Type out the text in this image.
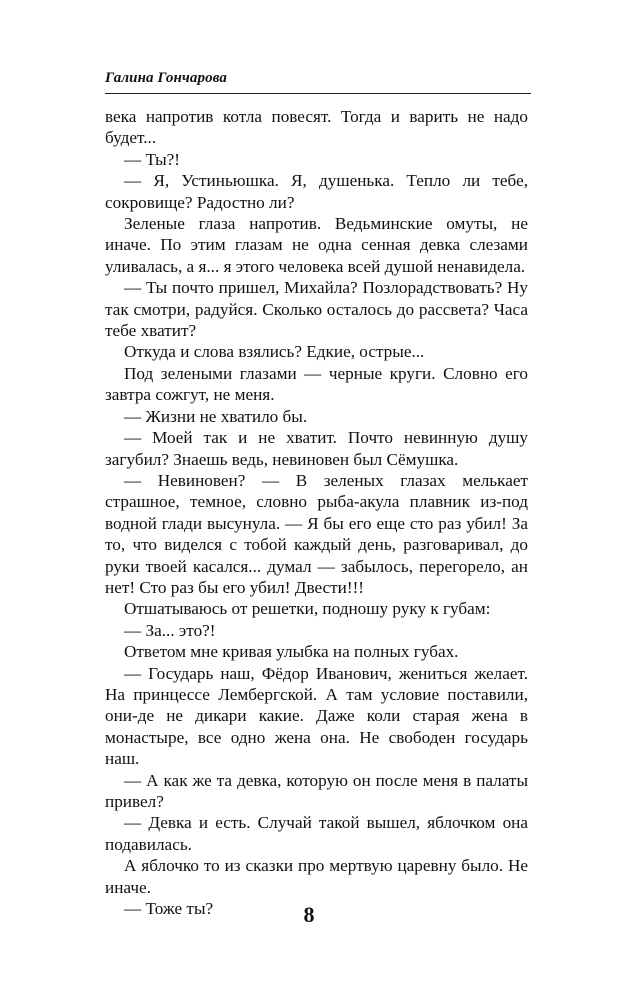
Галина Гончарова

века напротив котла повесят. Тогда и варить не надо будет...

— Ты?!

— Я, Устиньюшка. Я, душенька. Тепло ли тебе, сокровище? Радостно ли?

Зеленые глаза напротив. Ведьминские омуты, не иначе. По этим глазам не одна сенная девка слезами уливалась, а я... я этого человека всей душой ненавидела.

— Ты почто пришел, Михайла? Позлорадствовать? Ну так смотри, радуйся. Сколько осталось до рассвета? Часа тебе хватит?

Откуда и слова взялись? Едкие, острые...

Под зелеными глазами — черные круги. Словно его завтра сожгут, не меня.

— Жизни не хватило бы.

— Моей так и не хватит. Почто невинную душу загубил? Знаешь ведь, невиновен был Сёмушка.

— Невиновен? — В зеленых глазах мелькает страшное, темное, словно рыба-акула плавник из-под водной глади высунула. — Я бы его еще сто раз убил! За то, что виделся с тобой каждый день, разговаривал, до руки твоей касался... думал — забылось, перегорело, ан нет! Сто раз бы его убил! Двести!!!

Отшатываюсь от решетки, подношу руку к губам:

— За... это?!

Ответом мне кривая улыбка на полных губах.

— Государь наш, Фёдор Иванович, жениться желает. На принцессе Лембергской. А там условие поставили, они-де не дикари какие. Даже коли старая жена в монастыре, все одно жена она. Не свободен государь наш.

— А как же та девка, которую он после меня в палаты привел?

— Девка и есть. Случай такой вышел, яблочком она подавилась.

А яблочко то из сказки про мертвую царевну было. Не иначе.

— Тоже ты?	8
